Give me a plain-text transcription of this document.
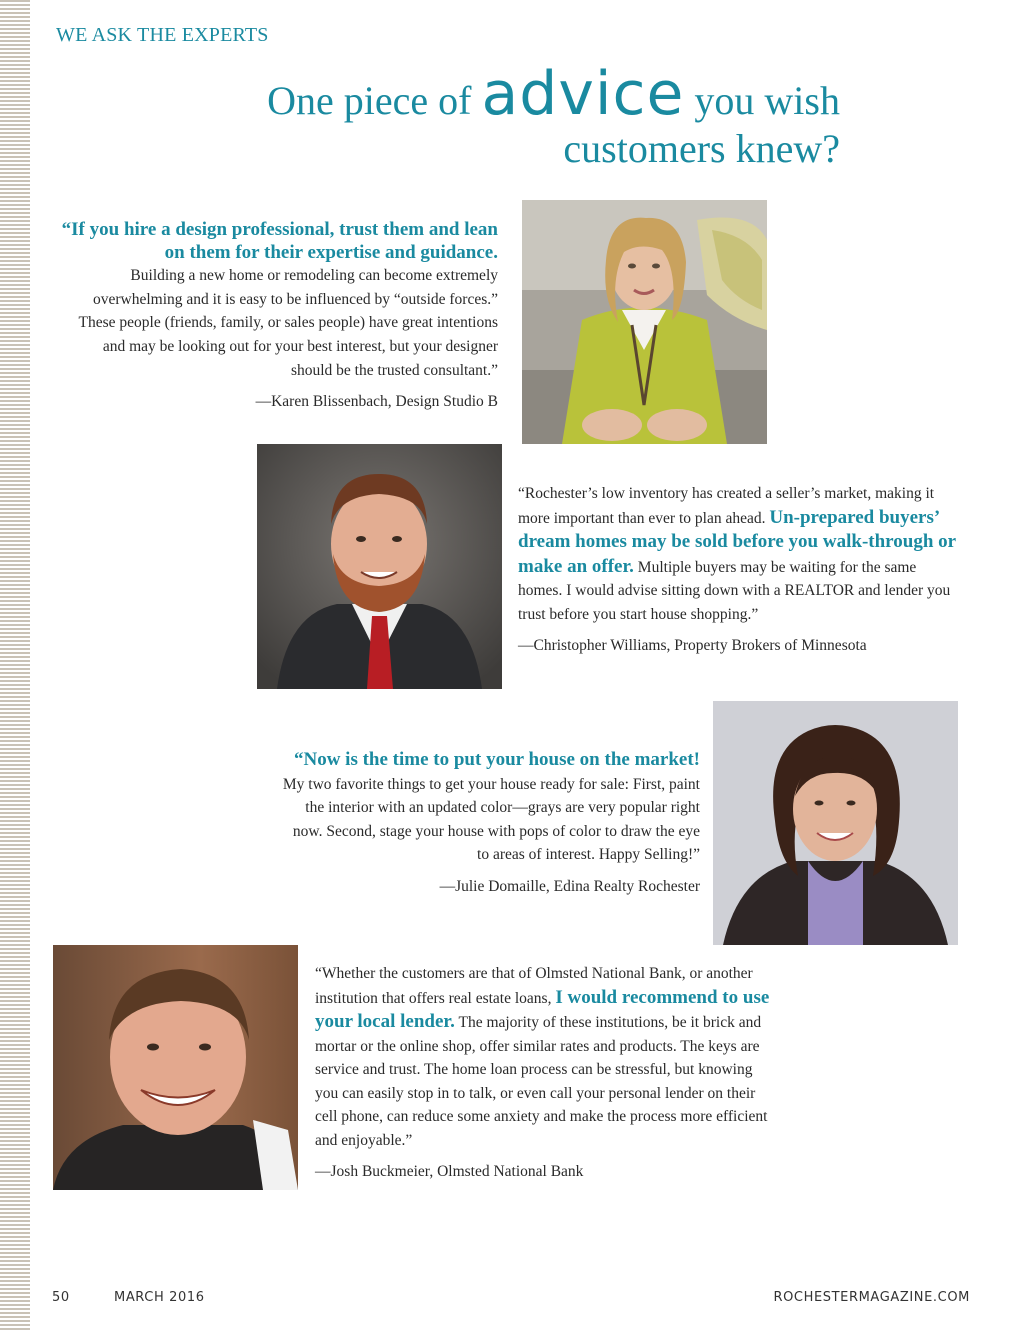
WE ASK THE EXPERTS
One piece of advice you wish
customers knew?
“If you hire a design professional, trust them and lean on them for their expertise and guidance.
Building a new home or remodeling can become extremely overwhelming and it is easy to be influenced by “outside forces.” These people (friends, family, or sales people) have great intentions and may be looking out for your best interest, but your designer should be the trusted consultant.”
—Karen Blissenbach, Design Studio B
“Rochester’s low inventory has created a seller’s market, making it more important than ever to plan ahead. Un-prepared buyers’ dream homes may be sold before you walk-through or make an offer. Multiple buyers may be waiting for the same homes. I would advise sitting down with a REALTOR and lender you trust before you start house shopping.”
—Christopher Williams, Property Brokers of Minnesota
“Now is the time to put your house on the market! My two favorite things to get your house ready for sale: First, paint the interior with an updated color—grays are very popular right now. Second, stage your house with pops of color to draw the eye to areas of interest. Happy Selling!”
—Julie Domaille, Edina Realty Rochester
“Whether the customers are that of Olmsted National Bank, or another institution that offers real estate loans, I would recommend to use your local lender. The majority of these institutions, be it brick and mortar or the online shop, offer similar rates and products. The keys are service and trust. The home loan process can be stressful, but knowing you can easily stop in to talk, or even call your personal lender on their cell phone, can reduce some anxiety and make the process more efficient and enjoyable.”
—Josh Buckmeier, Olmsted National Bank
50	MARCH 2016	ROCHESTERMAGAZINE.COM
